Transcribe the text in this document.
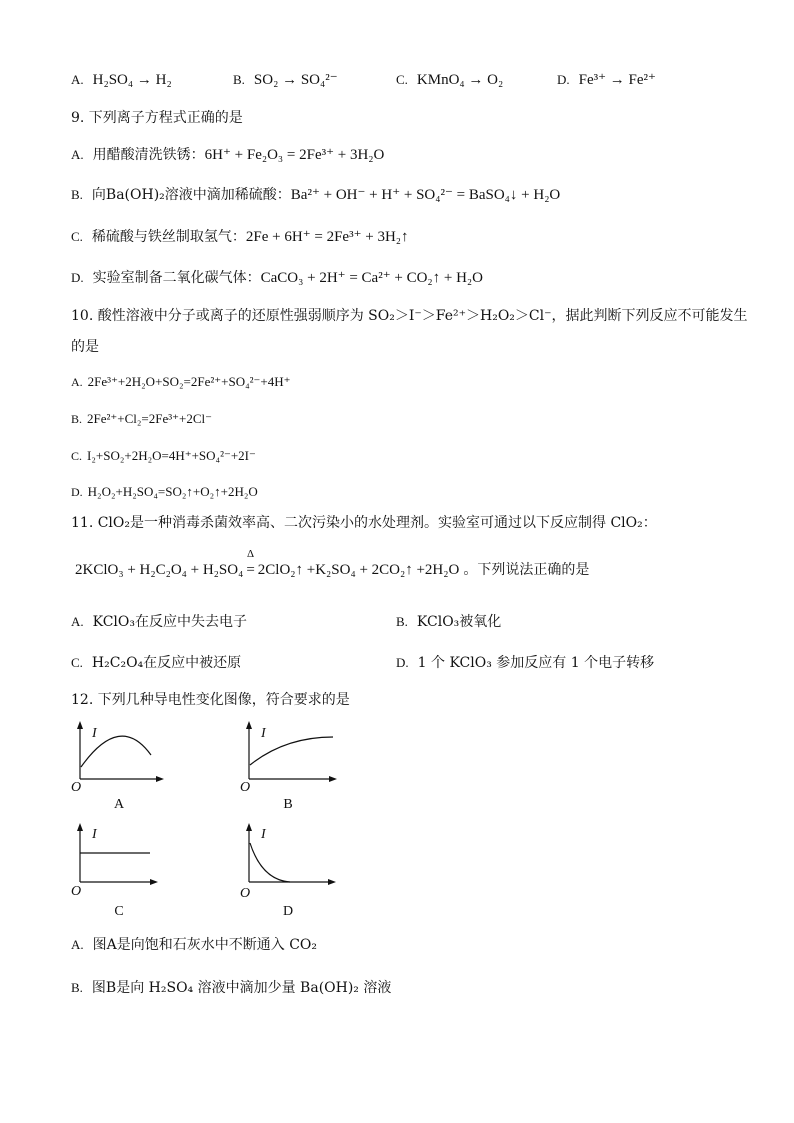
A. H₂SO₄ → H₂	B. SO₂ → SO₄²⁻	C. KMnO₄ → O₂	D. Fe³⁺ → Fe²⁺
9. 下列离子方程式正确的是
A. 用醋酸清洗铁锈：6H⁺ + Fe₂O₃ = 2Fe³⁺ + 3H₂O
B. 向Ba(OH)₂溶液中滴加稀硫酸：Ba²⁺ + OH⁻ + H⁺ + SO₄²⁻ = BaSO₄↓ + H₂O
C. 稀硫酸与铁丝制取氢气：2Fe + 6H⁺ = 2Fe³⁺ + 3H₂↑
D. 实验室制备二氧化碳气体：CaCO₃ + 2H⁺ = Ca²⁺ + CO₂↑ + H₂O
10. 酸性溶液中分子或离子的还原性强弱顺序为 SO₂＞I⁻＞Fe²⁺＞H₂O₂＞Cl⁻，据此判断下列反应不可能发生
的是
A. 2Fe³⁺+2H₂O+SO₂=2Fe²⁺+SO₄²⁻+4H⁺
B. 2Fe²⁺+Cl₂=2Fe³⁺+2Cl⁻
C. I₂+SO₂+2H₂O=4H⁺+SO₄²⁻+2I⁻
D. H₂O₂+H₂SO₄=SO₂↑+O₂↑+2H₂O
11. ClO₂是一种消毒杀菌效率高、二次污染小的水处理剂。实验室可通过以下反应制得 ClO₂：
2KClO₃ + H₂C₂O₄ + H₂SO₄
Δ
= 2ClO₂↑ +K₂SO₄ + 2CO₂↑ +2H₂O 。下列说法正确的是
A. KClO₃在反应中失去电子	B. KClO₃被氧化
C. H₂C₂O₄在反应中被还原	D. 1 个 KClO₃ 参加反应有 1 个电子转移
12. 下列几种导电性变化图像，符合要求的是
I
O
A
I
O
B
I
O
C
I
O
D
A. 图A是向饱和石灰水中不断通入 CO₂
B. 图B是向 H₂SO₄ 溶液中滴加少量 Ba(OH)₂ 溶液
